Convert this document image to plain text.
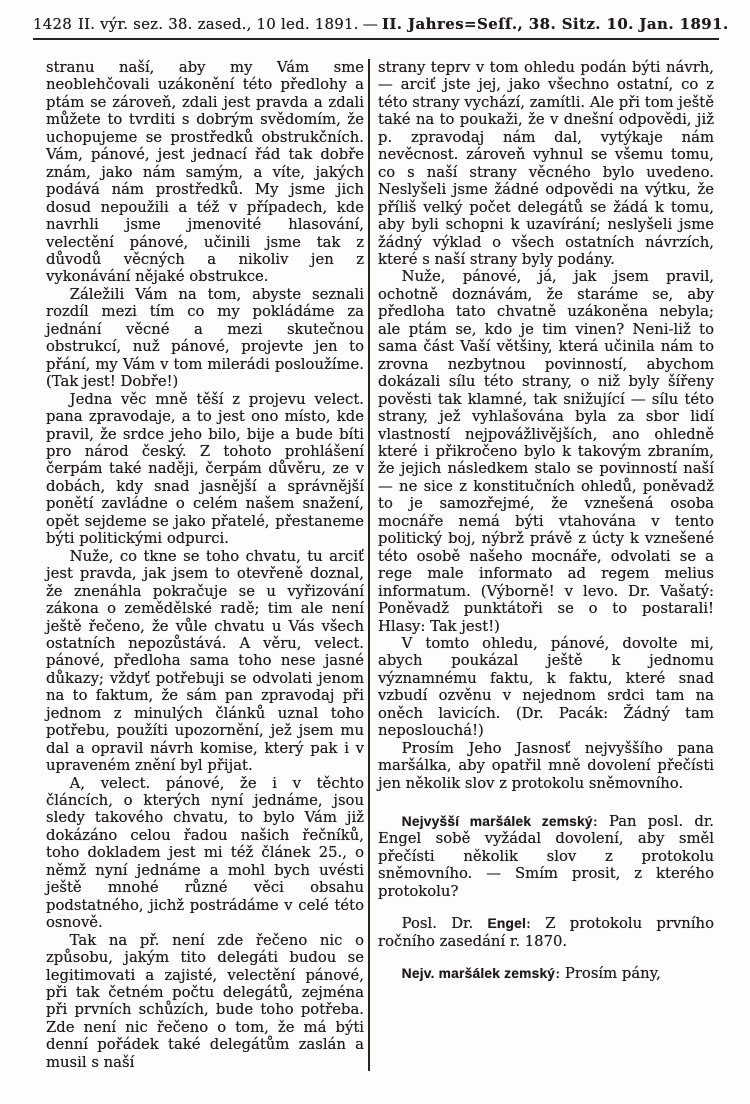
1428 II. výr. sez. 38. zased., 10 led. 1891. — II. Jahres=Seſſ., 38. Sitz. 10. Jan. 1891.

stranu naší, aby my Vám sme neoblehčovali uzákonění této předlohy a ptám se zároveň, zdali jest pravda a zdali můžete to tvrditi s dobrým svědomím, že uchopujeme se prostředků obstrukčních. Vám, pánové, jest jednací řád tak dobře znám, jako nám samým, a víte, jakých podává nám prostředků. My jsme jich dosud nepoužili a též v případech, kde navrhli jsme jmenovité hlasování, velectění pánové, učinili jsme tak z důvodů věcných a nikoliv jen z vykonávání nějaké obstrukce.

Záležili Vám na tom, abyste seznali rozdíl mezi tím co my pokládáme za jednání věcné a mezi skutečnou obstrukcí, nuž pánové, projevte jen to přání, my Vám v tom milerádi posloužíme. (Tak jest! Dobře!)

Jedna věc mně těší z projevu velect. pana zpravodaje, a to jest ono místo, kde pravil, že srdce jeho bilo, bije a bude bíti pro národ český. Z tohoto prohlášení čerpám také naději, čerpám důvěru, ze v dobách, kdy snad jasnější a správnější ponětí zavládne o celém našem snažení, opět sejdeme se jako přatelé, přestaneme býti politickými odpurci.

Nuže, co tkne se toho chvatu, tu arciť jest pravda, jak jsem to otevřeně doznal, že znenáhla pokračuje se u vyřizování zákona o zemědělské radě; tim ale není ještě řečeno, že vůle chvatu u Vás všech ostatních nepozůstává. A věru, velect. pánové, předloha sama toho nese jasné důkazy; vždyť potřebuji se odvolati jenom na to faktum, že sám pan zpravodaj při jednom z minulých článků uznal toho potřebu, použíti upozornění, jež jsem mu dal a opravil návrh komise, který pak i v upraveném znění byl přijat.

A, velect. pánové, že i v těchto článcích, o kterých nyní jednáme, jsou sledy takového chvatu, to bylo Vám již dokázáno celou řadou našich řečníků, toho dokladem jest mi též článek 25., o němž nyní jednáme a mohl bych uvésti ještě mnohé různé věci obsahu podstatného, jichž postrádáme v celé této osnově.

Tak na př. není zde řečeno nic o způsobu, jakým tito delegáti budou se legitimovati a zajisté, velectění pánové, při tak četném počtu delegátů, zejména při prvních schůzích, bude toho potřeba. Zde není nic řečeno o tom, že má býti denní pořádek také delegátům zaslán a musil s naší

strany teprv v tom ohledu podán býti návrh, — arciť jste jej, jako všechno ostatní, co z této strany vychází, zamítli. Ale při tom ještě také na to poukaži, že v dnešní odpovědi, již p. zpravodaj nám dal, vytýkaje nám nevěcnost. zároveň vyhnul se všemu tomu, co s naší strany věcného bylo uvedeno. Neslyšeli jsme žádné odpovědi na výtku, že příliš velký počet delegátů se žádá k tomu, aby byli schopni k uzavírání; neslyšeli jsme žádný výklad o všech ostatních návrzích, které s naší strany byly podány.

Nuže, pánové, já, jak jsem pravil, ochotně doznávám, že staráme se, aby předloha tato chvatně uzákoněna nebyla; ale ptám se, kdo je tim vinen? Neni-liž to sama část Vaší většiny, která učinila nám to zrovna nezbytnou povinností, abychom dokázali sílu této strany, o niž byly šířeny pověsti tak klamné, tak snižující — sílu této strany, jež vyhlašována byla za sbor lidí vlastností nejpovážlivějších, ano ohledně které i přikročeno bylo k takovým zbraním, že jejich následkem stalo se povinností naší — ne sice z konstitučních ohledů, poněvadž to je samozřejmé, že vznešená osoba mocnáře nemá býti vtahována v tento politický boj, nýbrž právě z úcty k vznešené této osobě našeho mocnáře, odvolati se a rege male informato ad regem melius informatum. (Výborně! v levo. Dr. Vašatý: Poněvadž punktátoři se o to postarali! Hlasy: Tak jest!)

V tomto ohledu, pánové, dovolte mi, abych poukázal ještě k jednomu významnému faktu, k faktu, které snad vzbudí ozvěnu v nejednom srdci tam na oněch lavicích. (Dr. Pacák: Žádný tam neposlouchá!)

Prosím Jeho Jasnosť nejvyššího pana maršálka, aby opatřil mně dovolení přečísti jen několik slov z protokolu sněmovního.

Nejvyšší maršálek zemský: Pan posl. dr. Engel sobě vyžádal dovolení, aby směl přečísti několik slov z protokolu sněmovního. — Smím prosit, z kterého protokolu?

Posl. Dr. Engel: Z protokolu prvního ročního zasedání r. 1870.

Nejv. maršálek zemský: Prosím pány,
